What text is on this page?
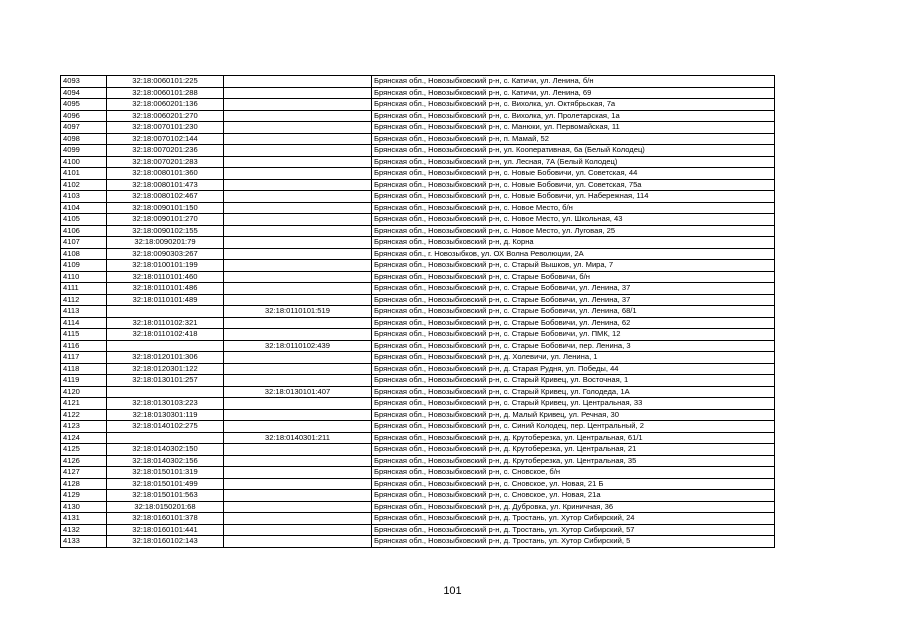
4093	32:18:0060101:225		Брянская обл., Новозыбковский р-н, с. Катичи, ул. Ленина, б/н
4094	32:18:0060101:288		Брянская обл., Новозыбковский р-н, с. Катичи, ул. Ленина, 69
4095	32:18:0060201:136		Брянская обл., Новозыбковский р-н, с. Вихолка, ул. Октябрьская, 7а
4096	32:18:0060201:270		Брянская обл., Новозыбковский р-н, с. Вихолка, ул. Пролетарская, 1а
4097	32:18:0070101:230		Брянская обл., Новозыбковский р-н, с. Манюки, ул. Первомайская, 11
4098	32:18:0070102:144		Брянская обл., Новозыбковский р-н, п. Мамай, 52
4099	32:18:0070201:236		Брянская обл., Новозыбковский р-н, ул. Кооперативная, 6а (Белый Колодец)
4100	32:18:0070201:283		Брянская обл., Новозыбковский р-н, ул. Лесная, 7А (Белый Колодец)
4101	32:18:0080101:360		Брянская обл., Новозыбковский р-н, с. Новые Бобовичи, ул. Советская, 44
4102	32:18:0080101:473		Брянская обл., Новозыбковский р-н, с. Новые Бобовичи, ул. Советская, 75а
4103	32:18:0080102:467		Брянская обл., Новозыбковский р-н, с. Новые Бобовичи, ул. Набережная, 114
4104	32:18:0090101:150		Брянская обл., Новозыбковский р-н, с. Новое Место, б/н
4105	32:18:0090101:270		Брянская обл., Новозыбковский р-н, с. Новое Место, ул. Школьная, 43
4106	32:18:0090102:155		Брянская обл., Новозыбковский р-н, с. Новое Место, ул. Луговая, 25
4107	32:18:0090201:79		Брянская обл., Новозыбковский р-н, д. Корна
4108	32:18:0090303:267		Брянская обл., г. Новозыбков, ул. ОХ Волна Революции, 2А
4109	32:18:0100101:199		Брянская обл., Новозыбковский р-н, с. Старый Вышков, ул. Мира, 7
4110	32:18:0110101:460		Брянская обл., Новозыбковский р-н, с. Старые Бобовичи, б/н
4111	32:18:0110101:486		Брянская обл., Новозыбковский р-н, с. Старые Бобовичи, ул. Ленина, 37
4112	32:18:0110101:489		Брянская обл., Новозыбковский р-н, с. Старые Бобовичи, ул. Ленина, 37
4113		32:18:0110101:519	Брянская обл., Новозыбковский р-н, с. Старые Бобовичи, ул. Ленина, 68/1
4114	32:18:0110102:321		Брянская обл., Новозыбковский р-н, с. Старые Бобовичи, ул. Ленина, 62
4115	32:18:0110102:418		Брянская обл., Новозыбковский р-н, с. Старые Бобовичи, ул. ПМК, 12
4116		32:18:0110102:439	Брянская обл., Новозыбковский р-н, с. Старые Бобовичи, пер. Ленина, 3
4117	32:18:0120101:306		Брянская обл., Новозыбковский р-н, д. Холевичи, ул. Ленина, 1
4118	32:18:0120301:122		Брянская обл., Новозыбковский р-н, д. Старая Рудня, ул. Победы, 44
4119	32:18:0130101:257		Брянская обл., Новозыбковский р-н, с. Старый Кривец, ул. Восточная, 1
4120		32:18:0130101:407	Брянская обл., Новозыбковский р-н, с. Старый Кривец, ул. Голодеда, 1А
4121	32:18:0130103:223		Брянская обл., Новозыбковский р-н, с. Старый Кривец, ул. Центральная, 33
4122	32:18:0130301:119		Брянская обл., Новозыбковский р-н, д. Малый Кривец, ул. Речная, 30
4123	32:18:0140102:275		Брянская обл., Новозыбковский р-н, с. Синий Колодец, пер. Центральный, 2
4124		32:18:0140301:211	Брянская обл., Новозыбковский р-н, д. Крутоберезка, ул. Центральная, 61/1
4125	32:18:0140302:150		Брянская обл., Новозыбковский р-н, д. Крутоберезка, ул. Центральная, 21
4126	32:18:0140302:156		Брянская обл., Новозыбковский р-н, д. Крутоберезка, ул. Центральная, 35
4127	32:18:0150101:319		Брянская обл., Новозыбковский р-н, с. Сновское, б/н
4128	32:18:0150101:499		Брянская обл., Новозыбковский р-н, с. Сновское, ул. Новая, 21 Б
4129	32:18:0150101:563		Брянская обл., Новозыбковский р-н, с. Сновское, ул. Новая, 21а
4130	32:18:0150201:68		Брянская обл., Новозыбковский р-н, д. Дубровка, ул. Криничная, 36
4131	32:18:0160101:378		Брянская обл., Новозыбковский р-н, д. Тростань, ул. Хутор Сибирский, 24
4132	32:18:0160101:441		Брянская обл., Новозыбковский р-н, д. Тростань, ул. Хутор Сибирский, 57
4133	32:18:0160102:143		Брянская обл., Новозыбковский р-н, д. Тростань, ул. Хутор Сибирский, 5
101
